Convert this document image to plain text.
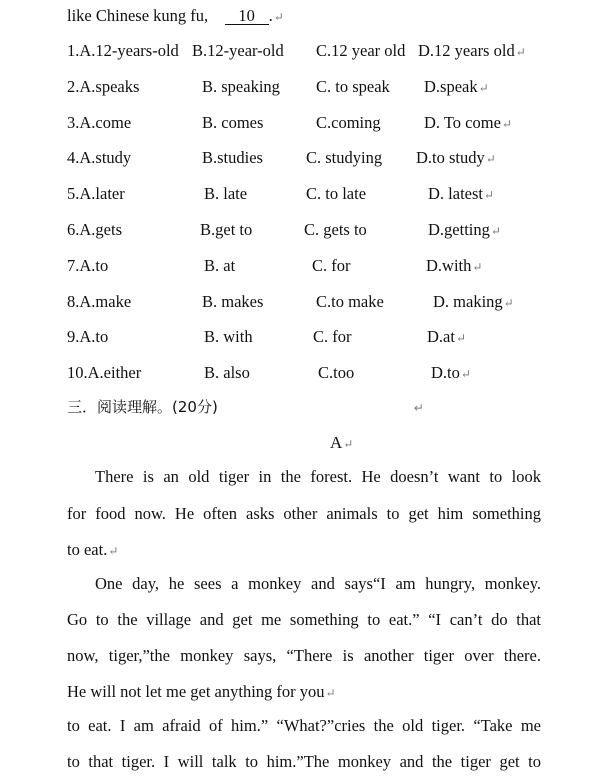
like Chinese kung fu, 10 .↵
1.A.12-years-old B.12-year-old C.12 year old D.12 years old↵
2.A.speaks	B. speaking C. to speak D.speak↵
3.A.come	B. comes	C.coming	D. To come↵
4.A.study	B.studies	C. studying D.to study↵
5.A.later	B. late	C. to late	D. latest↵
6.A.gets	B.get to	C. gets to	D.getting↵
7.A.to	B. at	C. for	D.with↵
8.A.make	B. makes	C.to make	D. making↵
9.A.to	B. with	C. for	D.at↵
10.A.either	B. also	C.too	D.to↵
三．阅读理解。(20分)	↵
A↵
There is an old tiger in the forest. He doesn’t want to look
for food now. He often asks other animals to get him something
to eat.↵
One day, he sees a monkey and says“I am hungry, monkey.
Go to the village and get me something to eat.” “I can’t do that
now, tiger,”the monkey says, “There is another tiger over there.
He will not let me get anything for you↵
to eat. I am afraid of him.” “What?”cries the old tiger. “Take me
to that tiger. I will talk to him.”The monkey and the tiger get to
